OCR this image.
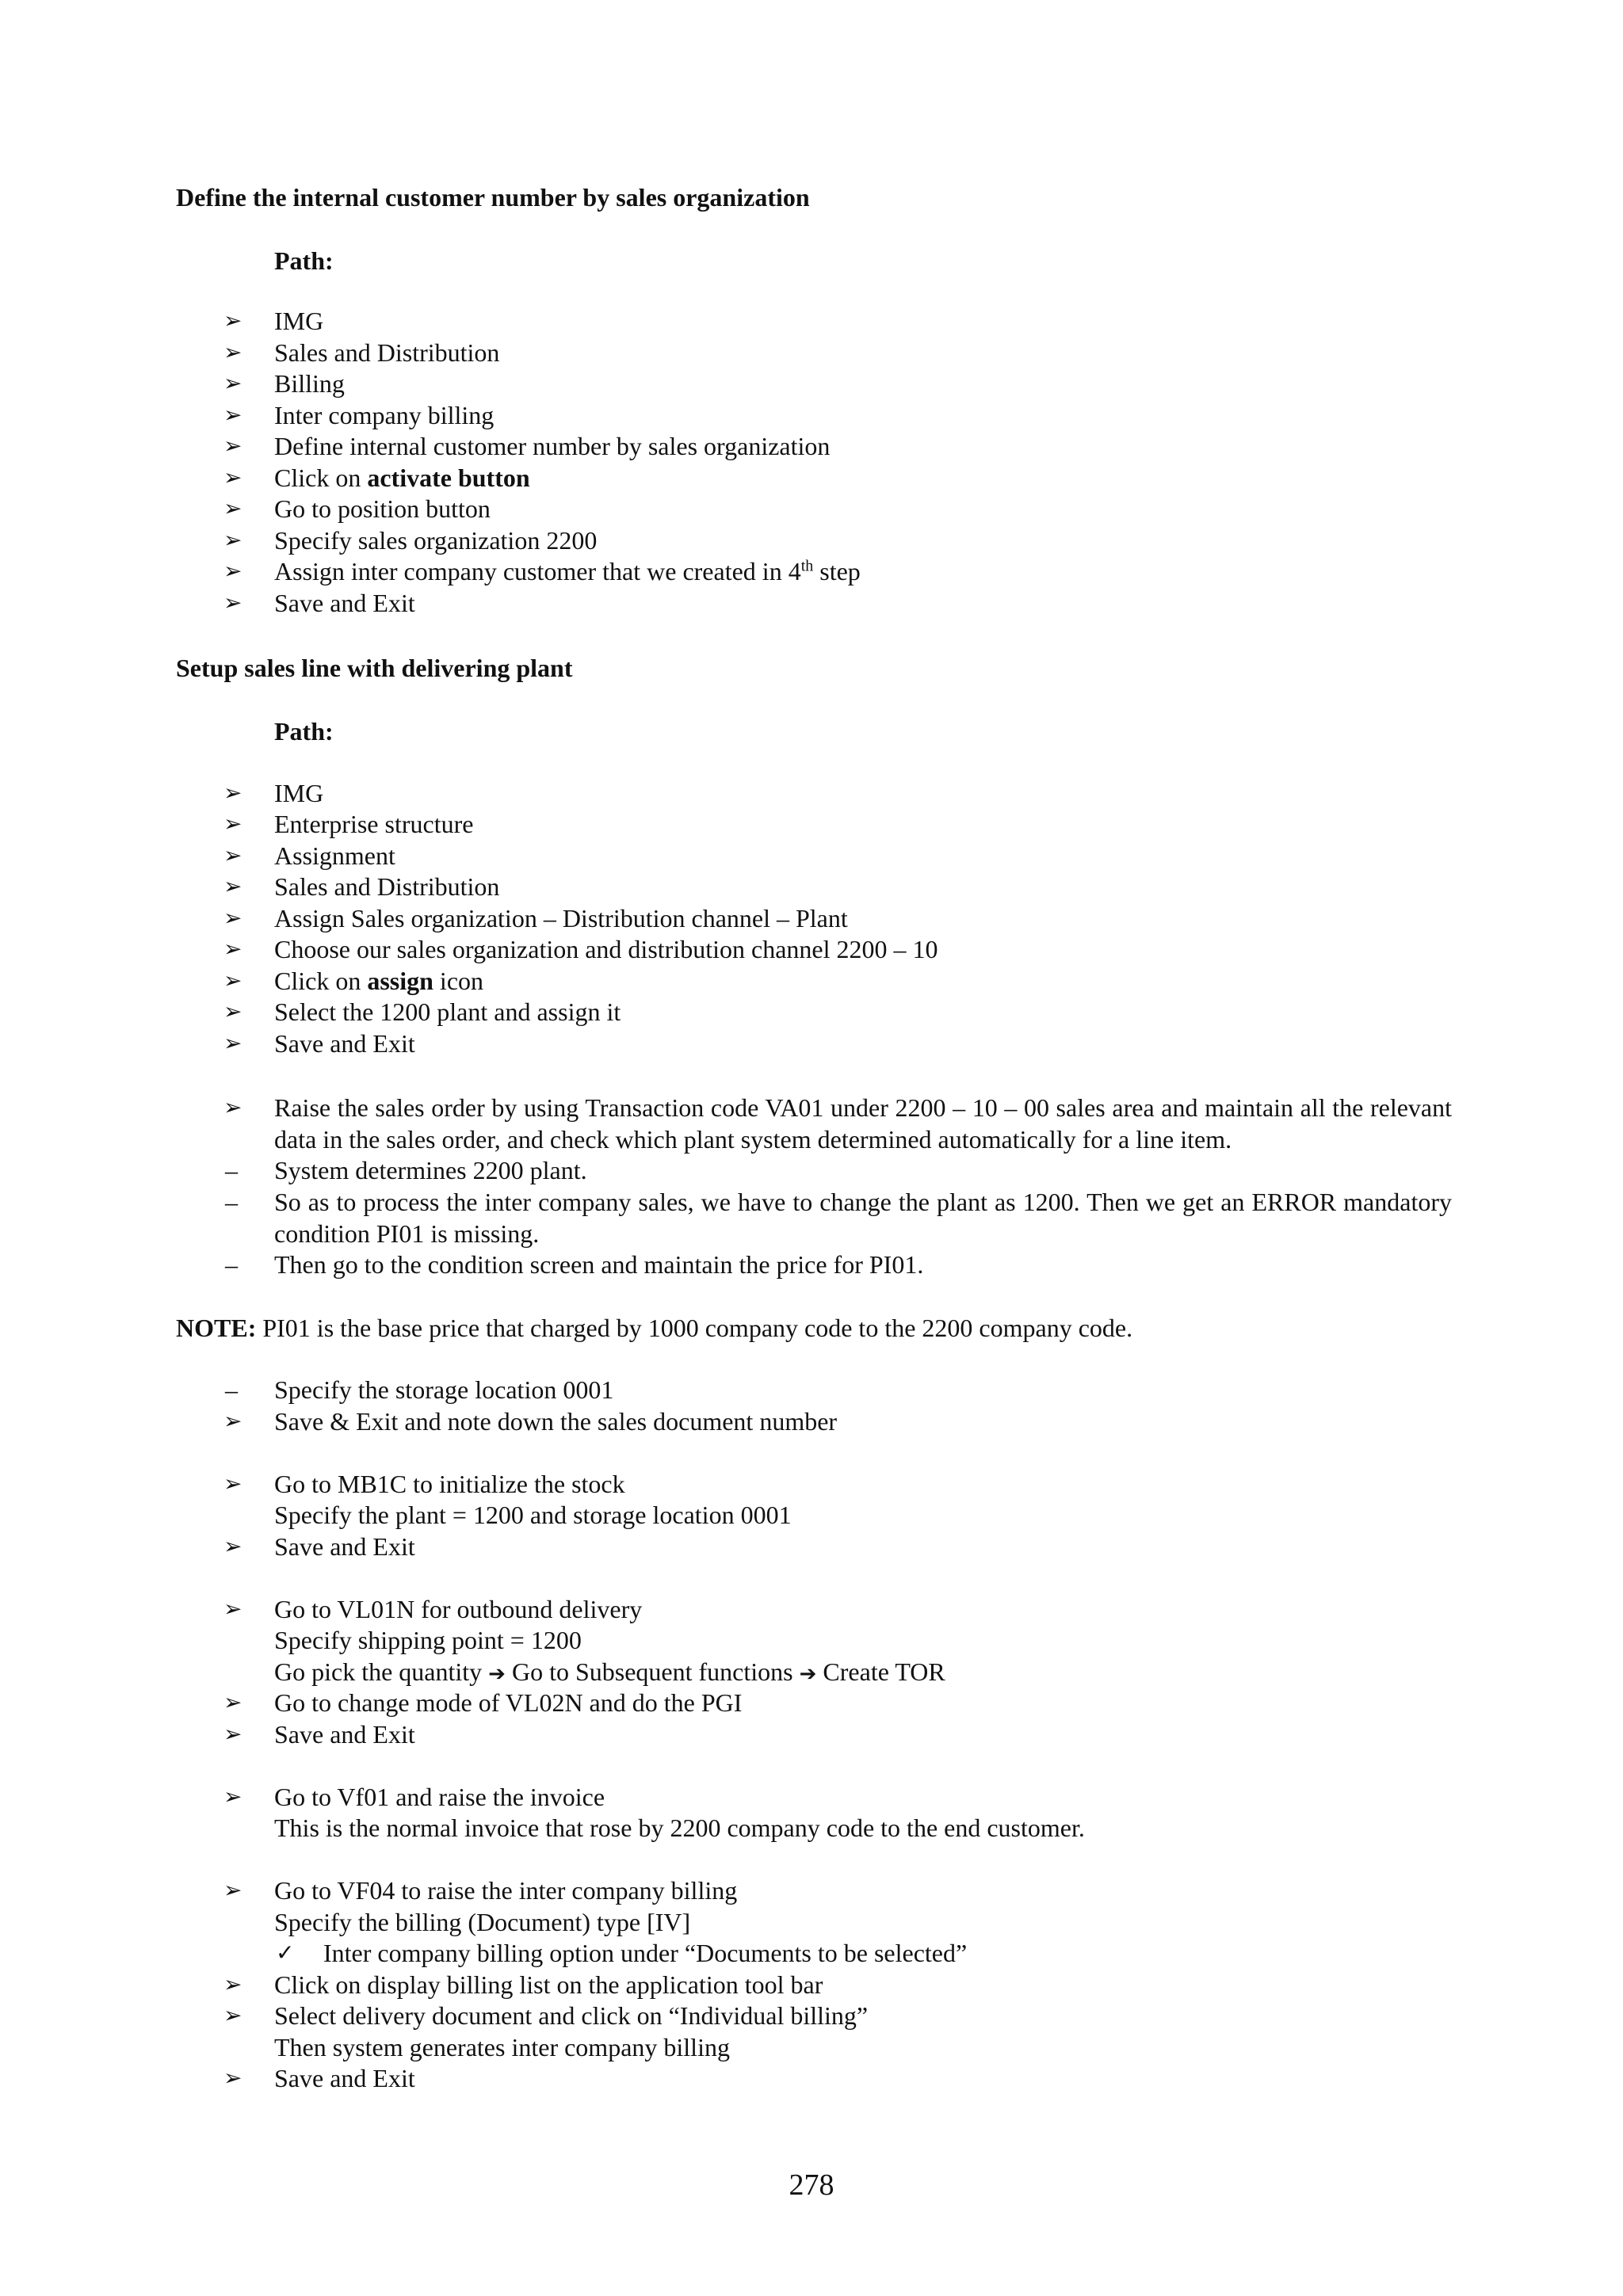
Define the internal customer number by sales organization
Path:
➢	IMG
➢	Sales and Distribution
➢	Billing
➢	Inter company billing
➢	Define internal customer number by sales organization
➢	Click on activate button
➢	Go to position button
➢	Specify sales organization 2200
➢	Assign inter company customer that we created in 4th step
➢	Save and Exit
Setup sales line with delivering plant
Path:
➢	IMG
➢	Enterprise structure
➢	Assignment
➢	Sales and Distribution
➢	Assign Sales organization – Distribution channel – Plant
➢	Choose our sales organization and distribution channel 2200 – 10
➢	Click on assign icon
➢	Select the 1200 plant and assign it
➢	Save and Exit
➢	Raise the sales order by using Transaction code VA01 under 2200 – 10 – 00 sales area and maintain all the relevant data in the sales order, and check which plant system determined automatically for a line item.
–	System determines 2200 plant.
–	So as to process the inter company sales, we have to change the plant as 1200. Then we get an ERROR mandatory condition PI01 is missing.
–	Then go to the condition screen and maintain the price for PI01.
NOTE: PI01 is the base price that charged by 1000 company code to the 2200 company code.
–	Specify the storage location 0001
➢	Save & Exit and note down the sales document number
➢	Go to MB1C to initialize the stock
Specify the plant = 1200 and storage location 0001
➢	Save and Exit
➢	Go to VL01N for outbound delivery
Specify shipping point = 1200
Go pick the quantity ➔ Go to Subsequent functions ➔ Create TOR
➢	Go to change mode of VL02N and do the PGI
➢	Save and Exit
➢	Go to Vf01 and raise the invoice
This is the normal invoice that rose by 2200 company code to the end customer.
➢	Go to VF04 to raise the inter company billing
Specify the billing (Document) type [IV]
✓	Inter company billing option under “Documents to be selected”
➢	Click on display billing list on the application tool bar
➢	Select delivery document and click on “Individual billing”
Then system generates inter company billing
➢	Save and Exit
278
